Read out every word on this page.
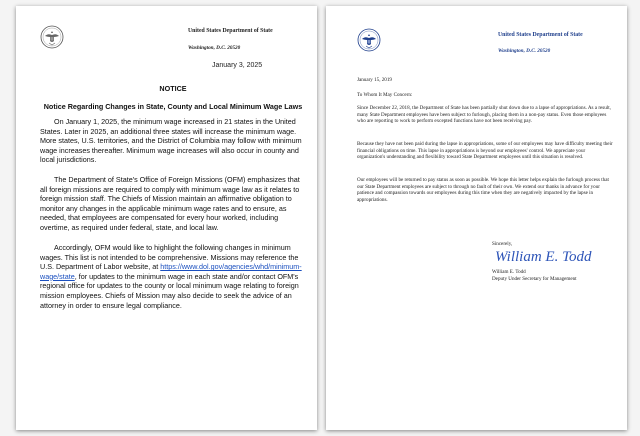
United States Department of State
Washington, D.C. 20520
January 3, 2025
NOTICE
Notice Regarding Changes in State, County and Local Minimum Wage Laws

On January 1, 2025, the minimum wage increased in 21 states in the United States. Later in 2025, an additional three states will increase the minimum wage. More states, U.S. territories, and the District of Columbia may follow with minimum wage increases thereafter. Minimum wage increases will also occur in county and local jurisdictions.

The Department of State's Office of Foreign Missions (OFM) emphasizes that all foreign missions are required to comply with minimum wage law as it relates to foreign mission staff. The Chiefs of Mission maintain an affirmative obligation to monitor any changes in the applicable minimum wage rates and to ensure, as needed, that employees are compensated for every hour worked, including overtime, as required under federal, state, and local law.

Accordingly, OFM would like to highlight the following changes in minimum wages. This list is not intended to be comprehensive. Missions may reference the U.S. Department of Labor website, at https://www.dol.gov/agencies/whd/minimum-wage/state, for updates to the minimum wage in each state and/or contact OFM's regional office for updates to the county or local minimum wage relating to foreign mission employees. Chiefs of Mission may also decide to seek the advice of an attorney in order to ensure legal compliance.

United States Department of State
Washington, D.C. 20520

January 15, 2019

To Whom It May Concern:

Since December 22, 2018, the Department of State has been partially shut down due to a lapse of appropriations. As a result, many State Department employees have been subject to furlough, placing them in a non-pay status. Even those employees who are reporting to work to perform excepted functions have not been receiving pay.

Because they have not been paid during the lapse in appropriations, some of our employees may have difficulty meeting their financial obligations on time. This lapse in appropriations is beyond our employees' control. We appreciate your organization's understanding and flexibility toward State Department employees until this situation is resolved.

Our employees will be returned to pay status as soon as possible. We hope this letter helps explain the furlough process that our State Department employees are subject to through no fault of their own. We extend our thanks in advance for your patience and compassion towards our employees during this time when they are negatively impacted by the lapse in appropriations.

Sincerely,

William E. Todd

William E. Todd

Deputy Under Secretary for Management
